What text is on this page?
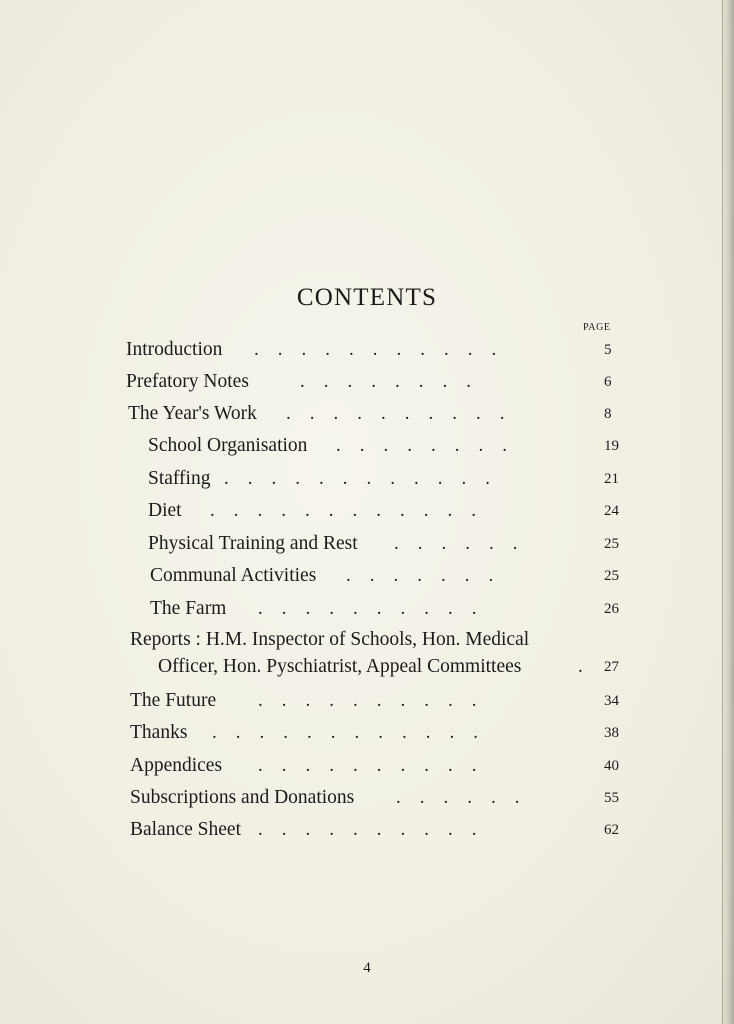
CONTENTS
PAGE
Introduction .    .    .    .    .    .    .    .    .    .    .	5
Prefatory Notes	.    .    .    .    .    .    .    .	6
The Year's Work .    .    .    .    .    .    .    .    .    .	8
School Organisation .    .    .    .    .    .    .    .	19
Staffing .    .    .    .    .    .    .    .    .    .    .    .	21
Diet .    .    .    .    .    .    .    .    .    .    .    .	24
Physical Training and Rest .    .    .    .    .    .	25
Communal Activities .    .    .    .    .    .    .	25
The Farm .    .    .    .    .    .    .    .    .    .	26
Reports : H.M. Inspector of Schools, Hon. Medical
Officer, Hon. Pyschiatrist, Appeal Committees	. 27
The Future .    .    .    .    .    .    .    .    .    .	34
Thanks .    .    .    .    .    .    .    .    .    .    .    .	38
Appendices .    .    .    .    .    .    .    .    .    .	40
Subscriptions and Donations .    .    .    .    .    .	55
Balance Sheet .    .    .    .    .    .    .    .    .    .	62
4
